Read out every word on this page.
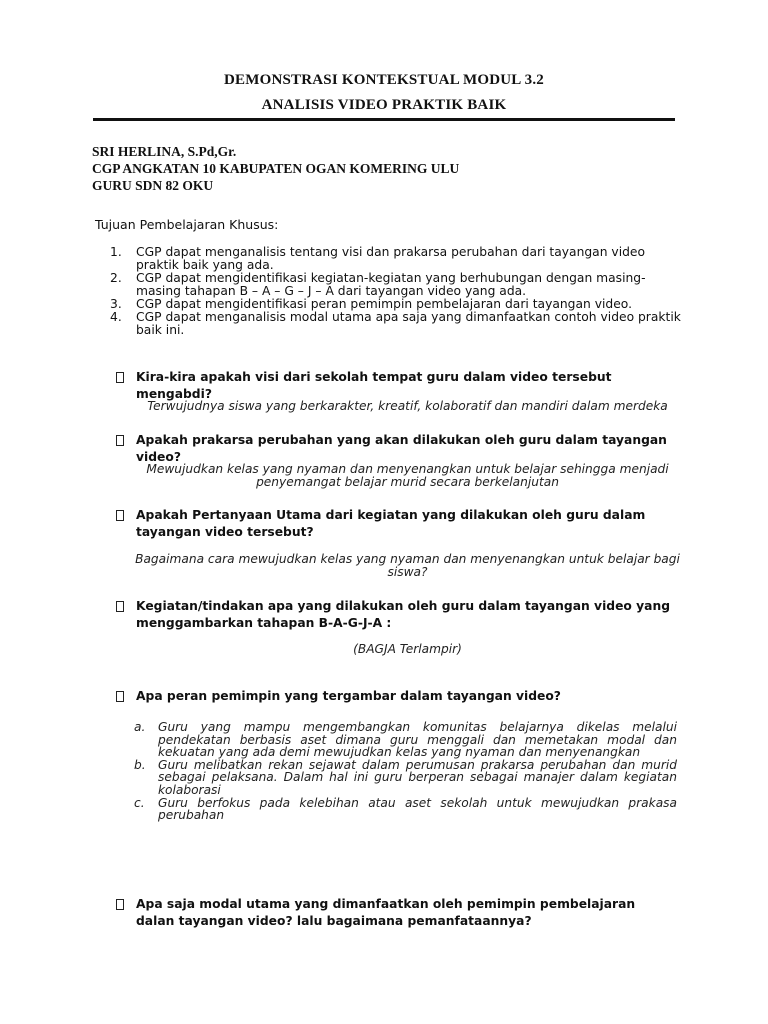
DEMONSTRASI KONTEKSTUAL MODUL 3.2
ANALISIS VIDEO PRAKTIK BAIK
SRI HERLINA, S.Pd,Gr.
CGP ANGKATAN 10 KABUPATEN OGAN KOMERING ULU
GURU SDN 82 OKU
Tujuan Pembelajaran Khusus:
1. CGP dapat menganalisis tentang visi dan prakarsa perubahan dari tayangan video praktik baik yang ada.
2. CGP dapat mengidentifikasi kegiatan-kegiatan yang berhubungan dengan masing-masing tahapan B – A – G – J – A dari tayangan video yang ada.
3. CGP dapat mengidentifikasi peran pemimpin pembelajaran dari tayangan video.
4. CGP dapat menganalisis modal utama apa saja yang dimanfaatkan contoh video praktik baik ini.
Kira-kira apakah visi dari sekolah tempat guru dalam video tersebut mengabdi?
Terwujudnya siswa yang berkarakter, kreatif, kolaboratif dan mandiri dalam merdeka
Apakah prakarsa perubahan yang akan dilakukan oleh guru dalam tayangan video?
Mewujudkan kelas yang nyaman dan menyenangkan untuk belajar sehingga menjadi penyemangat belajar murid secara berkelanjutan
Apakah Pertanyaan Utama dari kegiatan yang dilakukan oleh guru dalam tayangan video tersebut?
Bagaimana cara mewujudkan kelas yang nyaman dan menyenangkan untuk belajar bagi siswa?
Kegiatan/tindakan apa yang dilakukan oleh guru dalam tayangan video yang menggambarkan tahapan B-A-G-J-A :
(BAGJA Terlampir)
Apa peran pemimpin yang tergambar dalam tayangan video?
a. Guru yang mampu mengembangkan komunitas belajarnya dikelas melalui pendekatan berbasis aset dimana guru menggali dan memetakan modal dan kekuatan yang ada demi mewujudkan kelas yang nyaman dan menyenangkan
b. Guru melibatkan rekan sejawat dalam perumusan prakarsa perubahan dan murid sebagai pelaksana. Dalam hal ini guru berperan sebagai manajer dalam kegiatan kolaborasi
c. Guru berfokus pada kelebihan atau aset sekolah untuk mewujudkan prakasa perubahan
Apa saja modal utama yang dimanfaatkan oleh pemimpin pembelajaran dalan tayangan video? lalu bagaimana pemanfataannya?
